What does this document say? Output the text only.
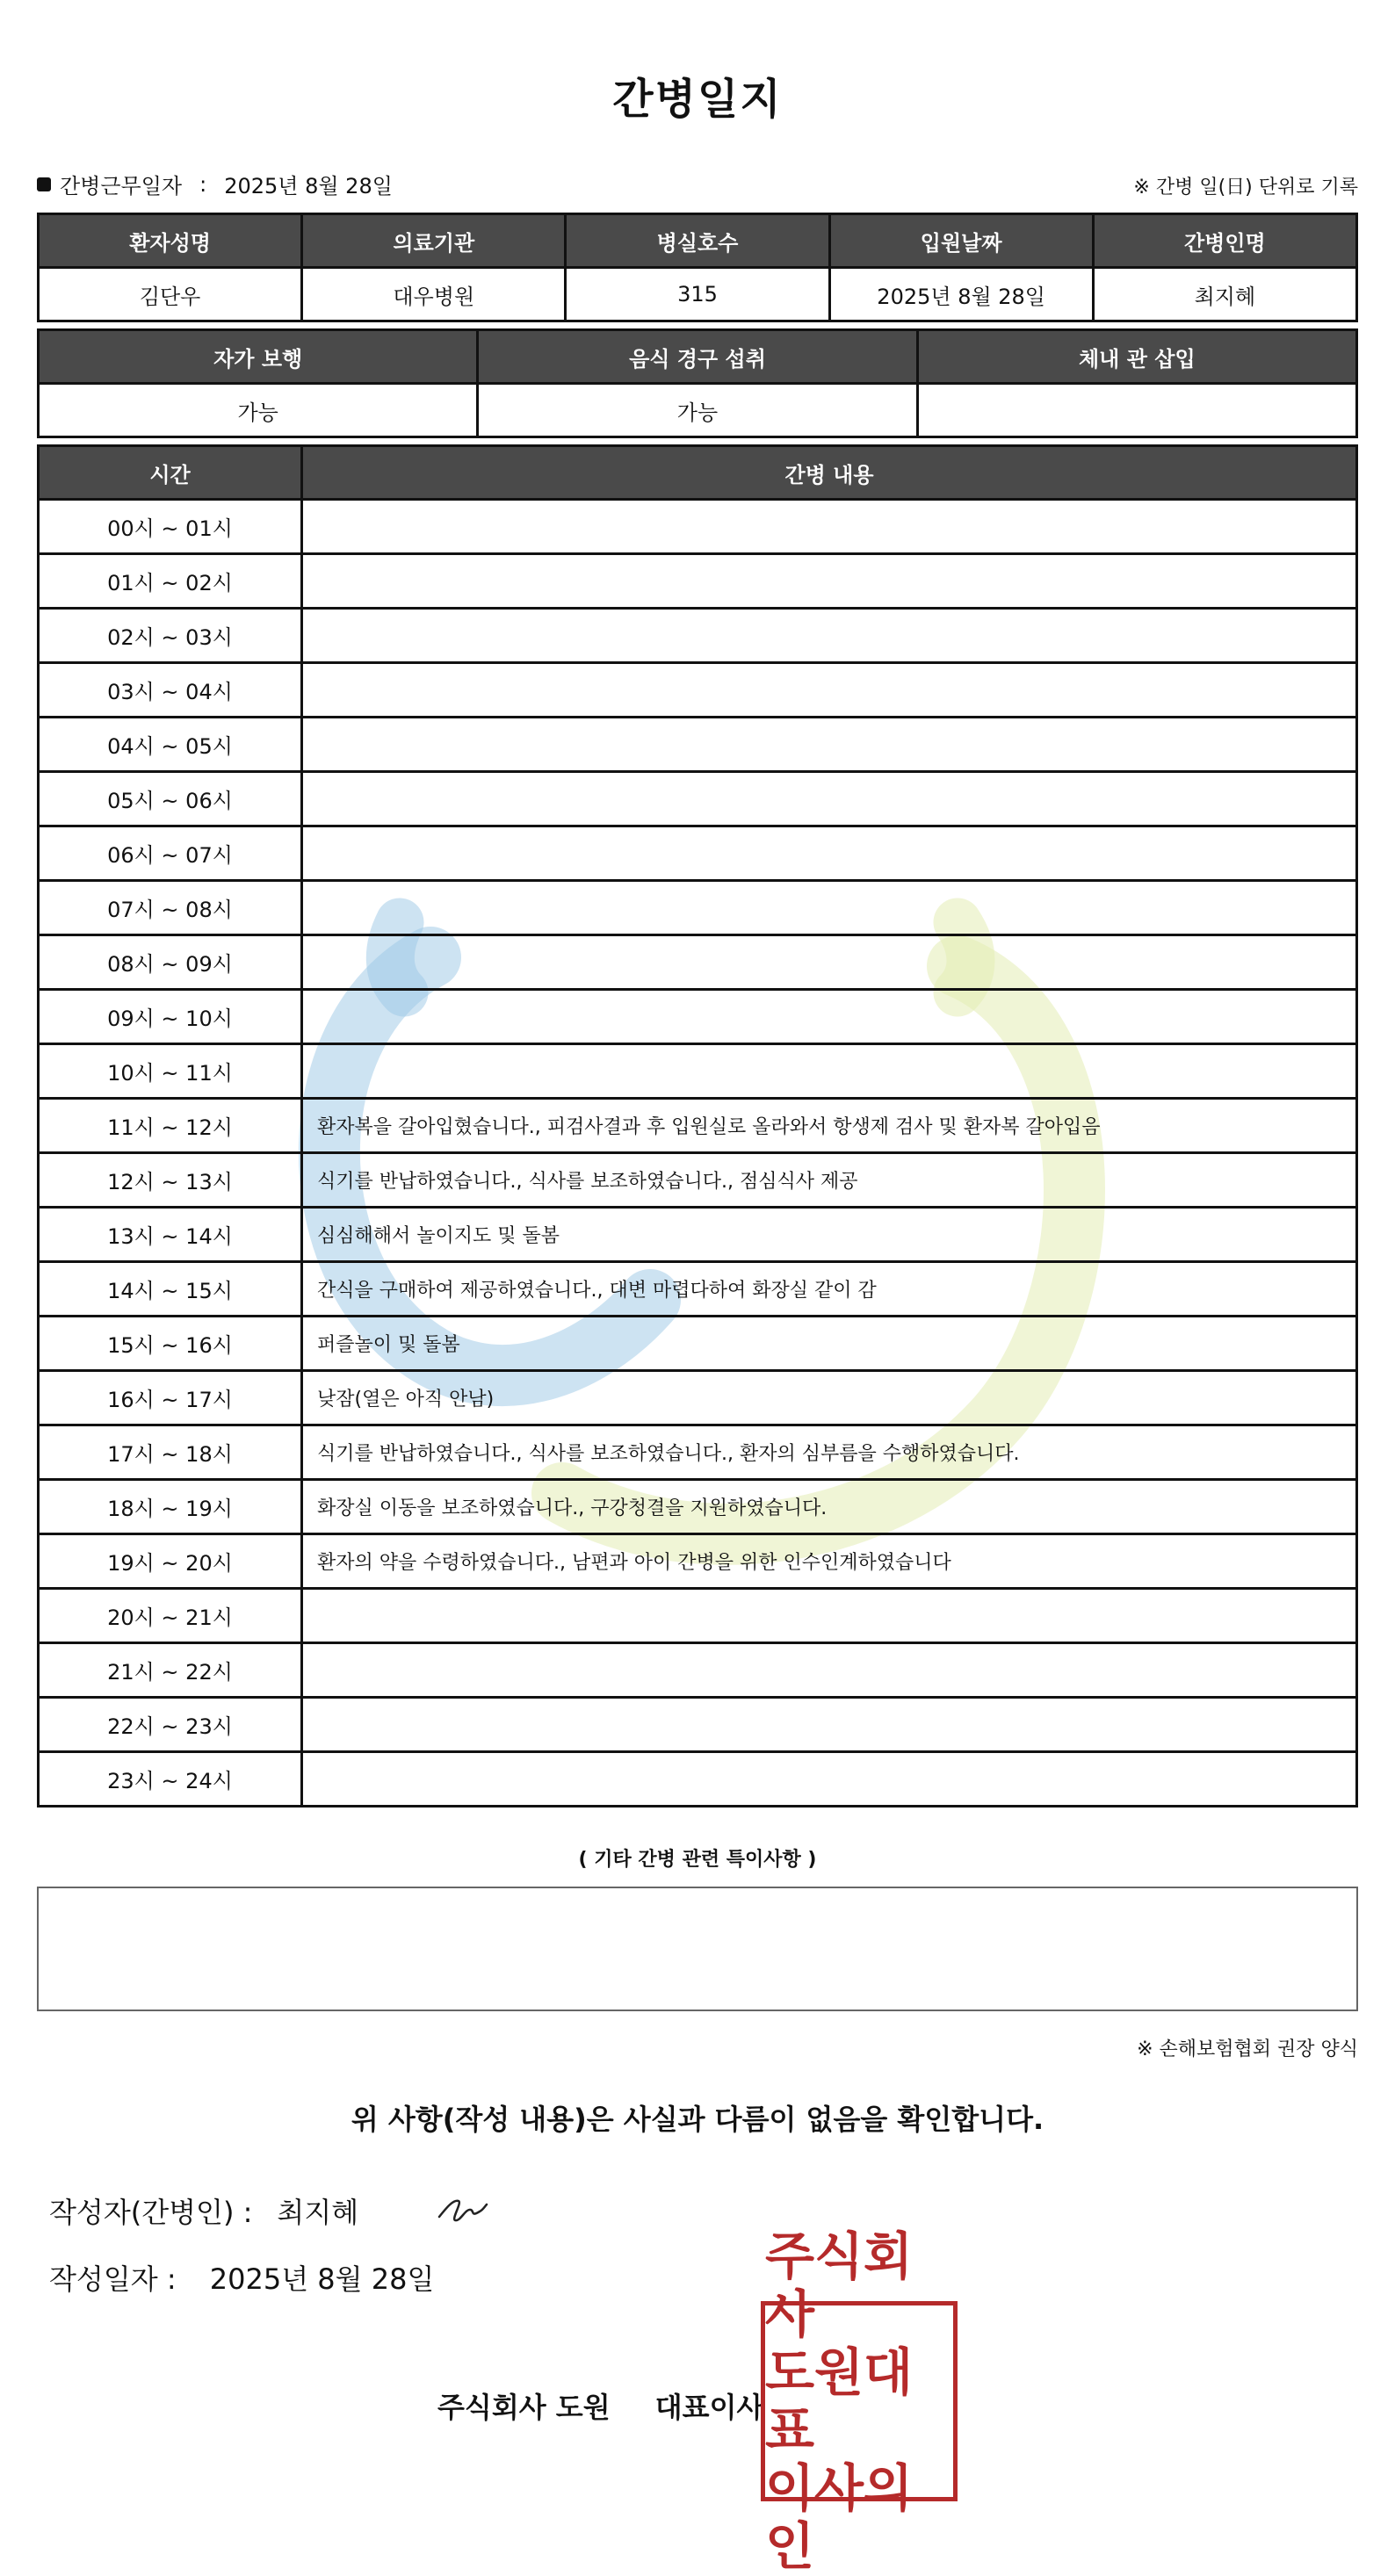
간병일지
간병근무일자 : 2025년 8월 28일	※ 간병 일(日) 단위로 기록
환자성명	의료기관	병실호수	입원날짜	간병인명
김단우	대우병원	315	2025년 8월 28일	최지혜
자가 보행	음식 경구 섭취	체내 관 삽입
가능	가능	
시간	간병 내용
00시 ~ 01시	
01시 ~ 02시	
02시 ~ 03시	
03시 ~ 04시	
04시 ~ 05시	
05시 ~ 06시	
06시 ~ 07시	
07시 ~ 08시	
08시 ~ 09시	
09시 ~ 10시	
10시 ~ 11시	
11시 ~ 12시	환자복을 갈아입혔습니다., 피검사결과 후 입원실로 올라와서 항생제 검사 및 환자복 갈아입음
12시 ~ 13시	식기를 반납하였습니다., 식사를 보조하였습니다., 점심식사 제공
13시 ~ 14시	심심해해서 놀이지도 및 돌봄
14시 ~ 15시	간식을 구매하여 제공하였습니다., 대변 마렵다하여 화장실 같이 감
15시 ~ 16시	퍼즐놀이 및 돌봄
16시 ~ 17시	낮잠(열은 아직 안남)
17시 ~ 18시	식기를 반납하였습니다., 식사를 보조하였습니다., 환자의 심부름을 수행하였습니다.
18시 ~ 19시	화장실 이동을 보조하였습니다., 구강청결을 지원하였습니다.
19시 ~ 20시	환자의 약을 수령하였습니다., 남편과 아이 간병을 위한 인수인계하였습니다
20시 ~ 21시	
21시 ~ 22시	
22시 ~ 23시	
23시 ~ 24시	
( 기타 간병 관련 특이사항 )
※ 손해보험협회 권장 양식
위 사항(작성 내용)은 사실과 다름이 없음을 확인합니다.
작성자(간병인) : 최지혜
작성일자 : 2025년 8월 28일
주식회사 도원 대표이사
주식회사
도원대표
이사의인
